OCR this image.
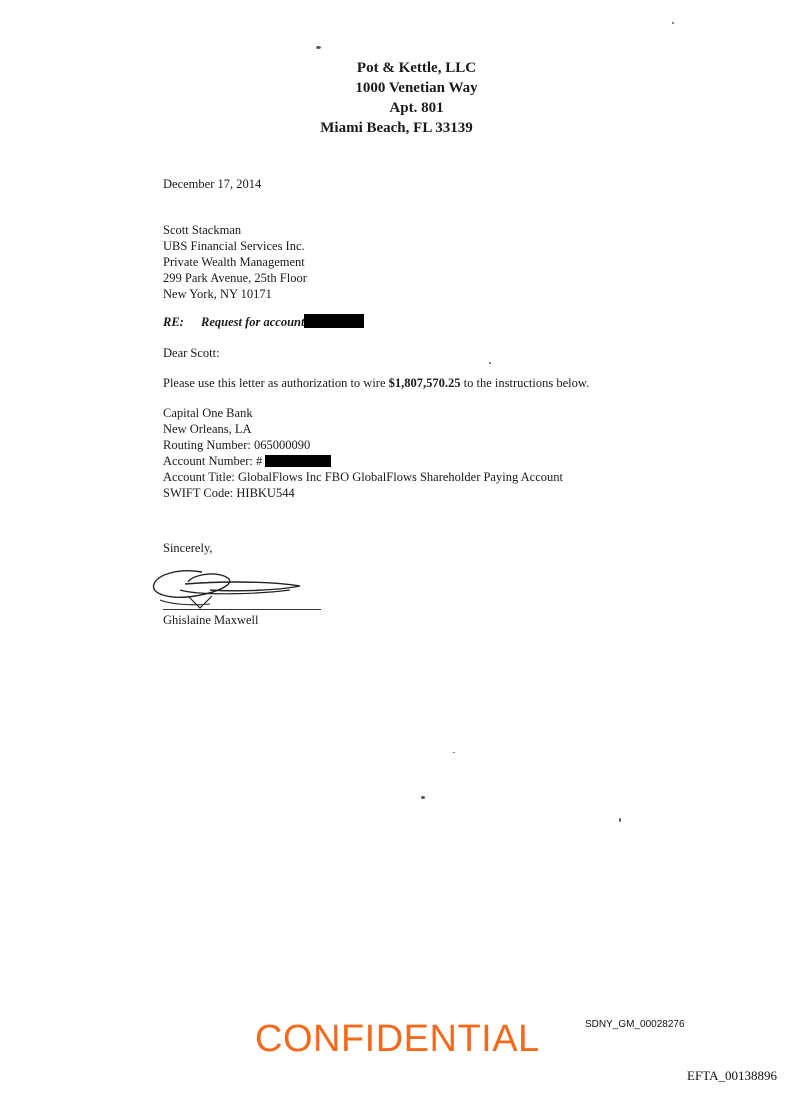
Pot & Kettle, LLC
1000 Venetian Way
Apt. 801
Miami Beach, FL 33139
December 17, 2014
Scott Stackman
UBS Financial Services Inc.
Private Wealth Management
299 Park Avenue, 25th Floor
New York, NY 10171
RE: Request for account
Dear Scott:
Please use this letter as authorization to wire $1,807,570.25 to the instructions below.
Capital One Bank
New Orleans, LA
Routing Number: 065000090
Account Number: #
Account Title: GlobalFlows Inc FBO GlobalFlows Shareholder Paying Account
SWIFT Code: HIBKU544
Sincerely,
Ghislaine Maxwell
CONFIDENTIAL	SDNY_GM_00028276
EFTA_00138896
